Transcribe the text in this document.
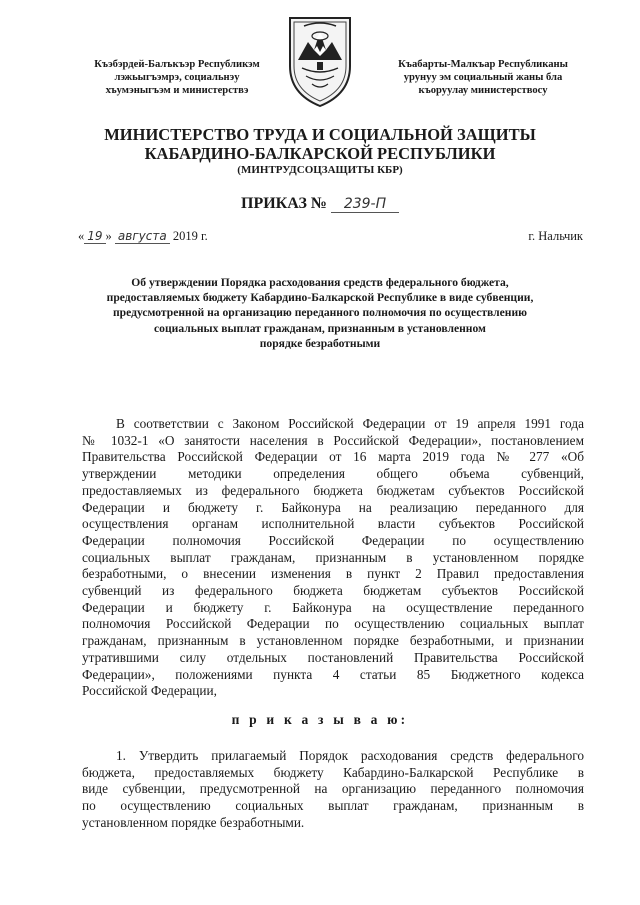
Къэбэрдей-Балъкъэр Республикэм
лэжьыгъэмрэ, социальнэу
хъумэныгъэм и министерствэ
Къабарты-Малкъар Республиканы
урунуу эм социальный жаны бла
къоруулау министерствосу
МИНИСТЕРСТВО ТРУДА И СОЦИАЛЬНОЙ ЗАЩИТЫ
КАБАРДИНО-БАЛКАРСКОЙ РЕСПУБЛИКИ
(МИНТРУДСОЦЗАЩИТЫ КБР)
ПРИКАЗ № 239-П
« 19 » августа 2019 г.	г. Нальчик
Об утверждении Порядка расходования средств федерального бюджета,
предоставляемых бюджету Кабардино-Балкарской Республике в виде субвенции,
предусмотренной на организацию переданного полномочия по осуществлению
социальных выплат гражданам, признанным в установленном
порядке безработными
В соответствии с Законом Российской Федерации от 19 апреля 1991 года
№ 1032-1 «О занятости населения в Российской Федерации», постановлением
Правительства Российской Федерации от 16 марта 2019 года № 277 «Об
утверждении методики определения общего объема субвенций,
предоставляемых из федерального бюджета бюджетам субъектов Российской
Федерации и бюджету г. Байконура на реализацию переданного для
осуществления органам исполнительной власти субъектов Российской
Федерации полномочия Российской Федерации по осуществлению
социальных выплат гражданам, признанным в установленном порядке
безработными, о внесении изменения в пункт 2 Правил предоставления
субвенций из федерального бюджета бюджетам субъектов Российской
Федерации и бюджету г. Байконура на осуществление переданного
полномочия Российской Федерации по осуществлению социальных выплат
гражданам, признанным в установленном порядке безработными, и признании
утратившими силу отдельных постановлений Правительства Российской
Федерации», положениями пункта 4 статьи 85 Бюджетного кодекса
Российской Федерации,
п р и к а з ы в а ю:
1. Утвердить прилагаемый Порядок расходования средств федерального
бюджета, предоставляемых бюджету Кабардино-Балкарской Республике в
виде субвенции, предусмотренной на организацию переданного полномочия
по осуществлению социальных выплат гражданам, признанным в
установленном порядке безработными.
